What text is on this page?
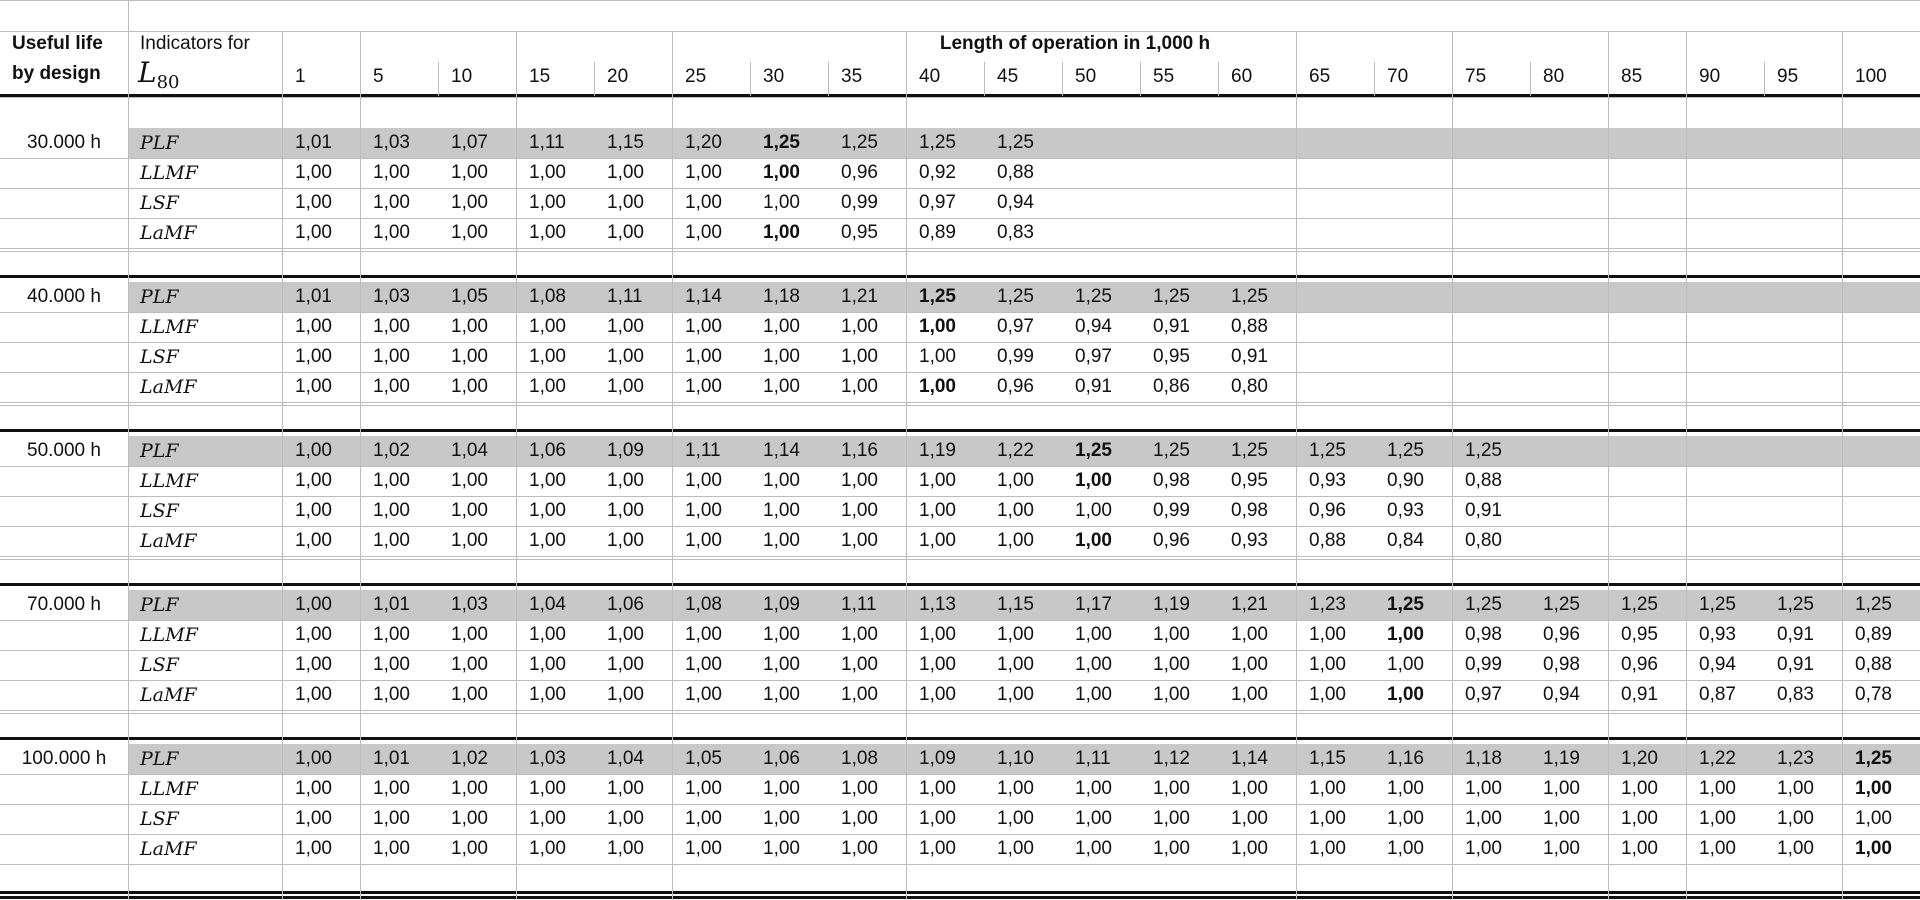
Useful life
by design
Indicators for
$L_{80}$
Length of operation in 1,000 h
1	5	10	15	20	25	30	35	40	45	50	55	60	65	70	75	80	85	90	95	100
30.000 h	PLF	1,01 1,03 1,07 1,11 1,15 1,20 1,25 1,25 1,25 1,25
LLMF	1,00 1,00 1,00 1,00 1,00 1,00 1,00 0,96 0,92 0,88
LSF	1,00 1,00 1,00 1,00 1,00 1,00 1,00 0,99 0,97 0,94
LaMF	1,00 1,00 1,00 1,00 1,00 1,00 1,00 0,95 0,89 0,83
40.000 h	PLF	1,01 1,03 1,05 1,08 1,11 1,14 1,18 1,21 1,25 1,25 1,25 1,25 1,25
LLMF	1,00 1,00 1,00 1,00 1,00 1,00 1,00 1,00 1,00 0,97 0,94 0,91 0,88
LSF	1,00 1,00 1,00 1,00 1,00 1,00 1,00 1,00 1,00 0,99 0,97 0,95 0,91
LaMF	1,00 1,00 1,00 1,00 1,00 1,00 1,00 1,00 1,00 0,96 0,91 0,86 0,80
50.000 h	PLF	1,00 1,02 1,04 1,06 1,09 1,11 1,14 1,16 1,19 1,22 1,25 1,25 1,25 1,25 1,25 1,25
LLMF	1,00 1,00 1,00 1,00 1,00 1,00 1,00 1,00 1,00 1,00 1,00 0,98 0,95 0,93 0,90 0,88
LSF	1,00 1,00 1,00 1,00 1,00 1,00 1,00 1,00 1,00 1,00 1,00 0,99 0,98 0,96 0,93 0,91
LaMF	1,00 1,00 1,00 1,00 1,00 1,00 1,00 1,00 1,00 1,00 1,00 0,96 0,93 0,88 0,84 0,80
70.000 h	PLF	1,00 1,01 1,03 1,04 1,06 1,08 1,09 1,11 1,13 1,15 1,17 1,19 1,21 1,23 1,25 1,25 1,25 1,25 1,25 1,25 1,25
LLMF	1,00 1,00 1,00 1,00 1,00 1,00 1,00 1,00 1,00 1,00 1,00 1,00 1,00 1,00 1,00 0,98 0,96 0,95 0,93 0,91 0,89
LSF	1,00 1,00 1,00 1,00 1,00 1,00 1,00 1,00 1,00 1,00 1,00 1,00 1,00 1,00 1,00 0,99 0,98 0,96 0,94 0,91 0,88
LaMF	1,00 1,00 1,00 1,00 1,00 1,00 1,00 1,00 1,00 1,00 1,00 1,00 1,00 1,00 1,00 0,97 0,94 0,91 0,87 0,83 0,78
100.000 h	PLF	1,00 1,01 1,02 1,03 1,04 1,05 1,06 1,08 1,09 1,10 1,11 1,12 1,14 1,15 1,16 1,18 1,19 1,20 1,22 1,23 1,25
LLMF	1,00 1,00 1,00 1,00 1,00 1,00 1,00 1,00 1,00 1,00 1,00 1,00 1,00 1,00 1,00 1,00 1,00 1,00 1,00 1,00 1,00
LSF	1,00 1,00 1,00 1,00 1,00 1,00 1,00 1,00 1,00 1,00 1,00 1,00 1,00 1,00 1,00 1,00 1,00 1,00 1,00 1,00 1,00
LaMF	1,00 1,00 1,00 1,00 1,00 1,00 1,00 1,00 1,00 1,00 1,00 1,00 1,00 1,00 1,00 1,00 1,00 1,00 1,00 1,00 1,00
